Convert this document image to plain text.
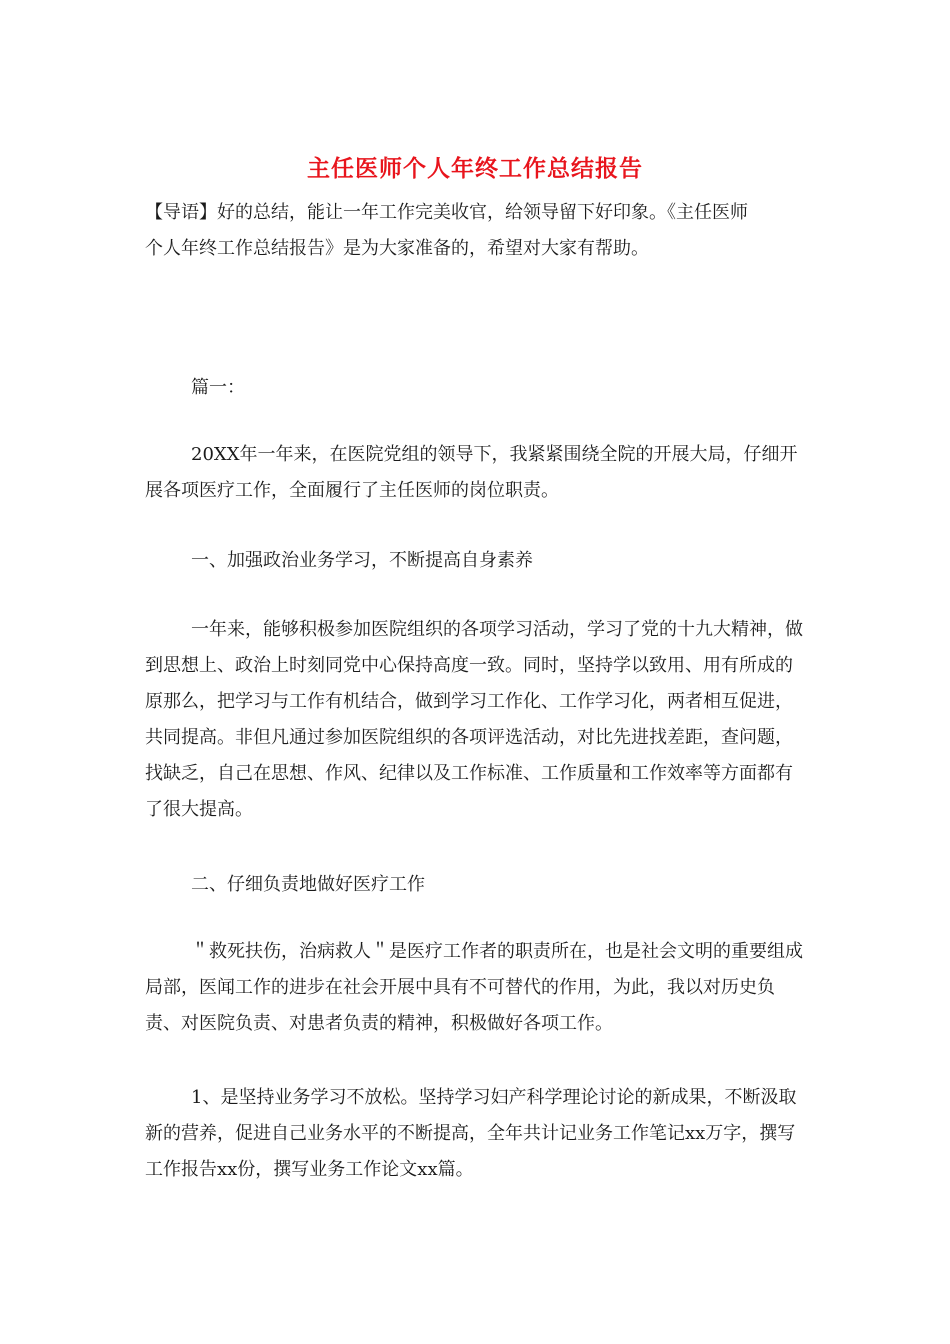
主任医师个人年终工作总结报告
【导语】好的总结，能让一年工作完美收官，给领导留下好印象。《主任医师
个人年终工作总结报告》是为大家准备的，希望对大家有帮助。
篇一：
20XX年一年来，在医院党组的领导下，我紧紧围绕全院的开展大局，仔细开展各项医疗工作，全面履行了主任医师的岗位职责。
一、加强政治业务学习，不断提高自身素养
一年来，能够积极参加医院组织的各项学习活动，学习了党的十九大精神，做到思想上、政治上时刻同党中心保持高度一致。同时，坚持学以致用、用有所成的原那么，把学习与工作有机结合，做到学习工作化、工作学习化，两者相互促进，共同提高。非但凡通过参加医院组织的各项评选活动，对比先进找差距，查问题，找缺乏，自己在思想、作风、纪律以及工作标准、工作质量和工作效率等方面都有了很大提高。
二、仔细负责地做好医疗工作
＂救死扶伤，治病救人＂是医疗工作者的职责所在，也是社会文明的重要组成局部，医闻工作的进步在社会开展中具有不可替代的作用，为此，我以对历史负责、对医院负责、对患者负责的精神，积极做好各项工作。
1、是坚持业务学习不放松。坚持学习妇产科学理论讨论的新成果，不断汲取新的营养，促进自己业务水平的不断提高，全年共计记业务工作笔记xx万字，撰写工作报告xx份，撰写业务工作论文xx篇。
